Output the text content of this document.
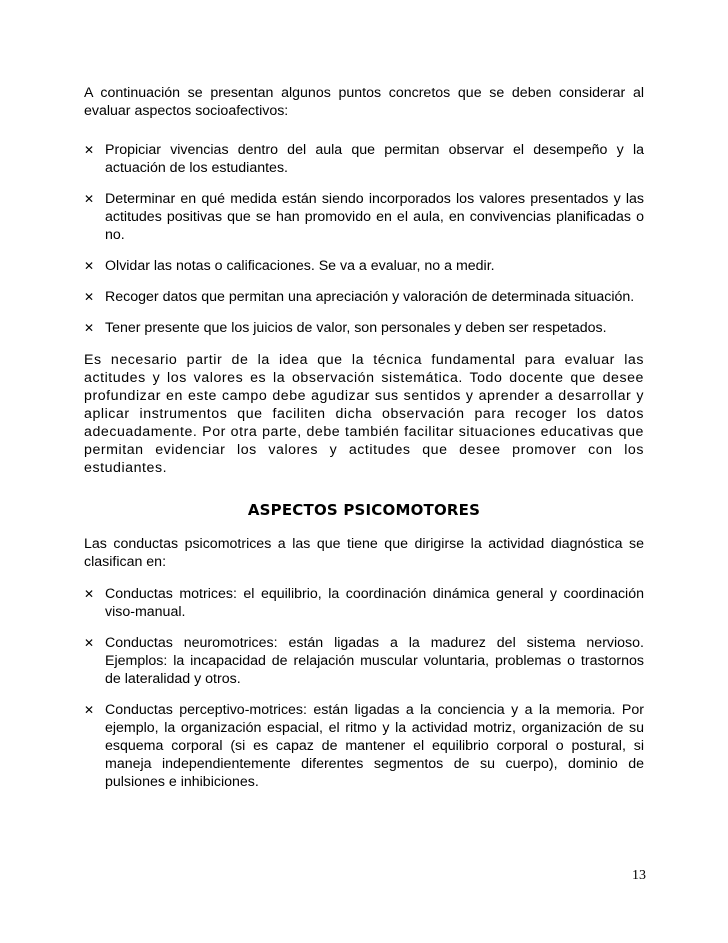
A continuación se presentan algunos puntos concretos que se deben considerar al evaluar aspectos socioafectivos:

✕ Propiciar vivencias dentro del aula que permitan observar el desempeño y la actuación de los estudiantes.
✕ Determinar en qué medida están siendo incorporados los valores presentados y las actitudes positivas que se han promovido en el aula, en convivencias planificadas o no.
✕ Olvidar las notas o calificaciones. Se va a evaluar, no a medir.
✕ Recoger datos que permitan una apreciación y valoración de determinada situación.
✕ Tener presente que los juicios de valor, son personales y deben ser respetados.

Es necesario partir de la idea que la técnica fundamental para evaluar las actitudes y los valores es la observación sistemática. Todo docente que desee profundizar en este campo debe agudizar sus sentidos y aprender a desarrollar y aplicar instrumentos que faciliten dicha observación para recoger los datos adecuadamente. Por otra parte, debe también facilitar situaciones educativas que permitan evidenciar los valores y actitudes que desee promover con los estudiantes.

ASPECTOS PSICOMOTORES

Las conductas psicomotrices a las que tiene que dirigirse la actividad diagnóstica se clasifican en:

✕ Conductas motrices: el equilibrio, la coordinación dinámica general y coordinación viso-manual.
✕ Conductas neuromotrices: están ligadas a la madurez del sistema nervioso. Ejemplos: la incapacidad de relajación muscular voluntaria, problemas o trastornos de lateralidad y otros.
✕ Conductas perceptivo-motrices: están ligadas a la conciencia y a la memoria. Por ejemplo, la organización espacial, el ritmo y la actividad motriz, organización de su esquema corporal (si es capaz de mantener el equilibrio corporal o postural, si maneja independientemente diferentes segmentos de su cuerpo), dominio de pulsiones e inhibiciones.
13
